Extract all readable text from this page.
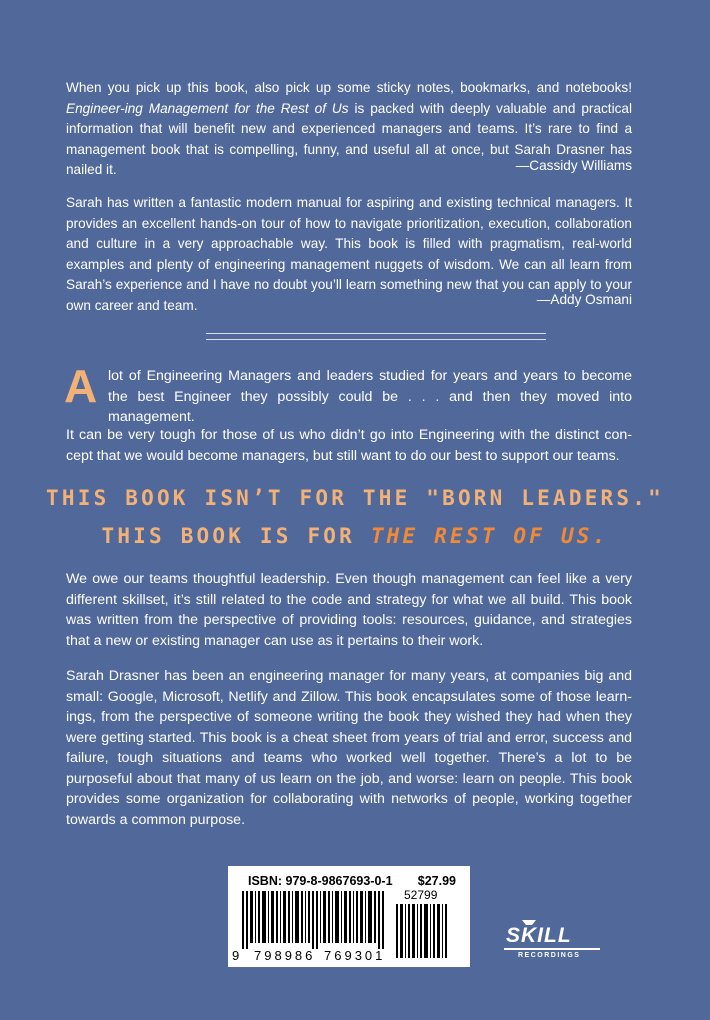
When you pick up this book, also pick up some sticky notes, bookmarks, and notebooks! Engineer-ing Management for the Rest of Us is packed with deeply valuable and practical information that will benefit new and experienced managers and teams. It’s rare to find a management book that is compelling, funny, and useful all at once, but Sarah Drasner has nailed it.	—Cassidy Williams

Sarah has written a fantastic modern manual for aspiring and existing technical managers. It provides an excellent hands-on tour of how to navigate prioritization, execution, collaboration and culture in a very approachable way. This book is filled with pragmatism, real-world examples and plenty of engineering management nuggets of wisdom. We can all learn from Sarah’s experience and I have no doubt you’ll learn something new that you can apply to your own career and team.	—Addy Osmani
A lot of Engineering Managers and leaders studied for years and years to become the best Engineer they possibly could be . . . and then they moved into management.

It can be very tough for those of us who didn’t go into Engineering with the distinct con-cept that we would become managers, but still want to do our best to support our teams.

THIS BOOK ISN’T FOR THE "BORN LEADERS."
THIS BOOK IS FOR THE REST OF US.

We owe our teams thoughtful leadership. Even though management can feel like a very different skillset, it’s still related to the code and strategy for what we all build. This book was written from the perspective of providing tools: resources, guidance, and strategies that a new or existing manager can use as it pertains to their work.

Sarah Drasner has been an engineering manager for many years, at companies big and small: Google, Microsoft, Netlify and Zillow. This book encapsulates some of those learn-ings, from the perspective of someone writing the book they wished they had when they were getting started. This book is a cheat sheet from years of trial and error, success and failure, tough situations and teams who worked well together. There’s a lot to be purposeful about that many of us learn on the job, and worse: learn on people. This book provides some organization for collaborating with networks of people, working together towards a common purpose.

ISBN: 979-8-9867693-0-1 $27.99
52799
9	798986 769301
SKILL
RECORDINGS
